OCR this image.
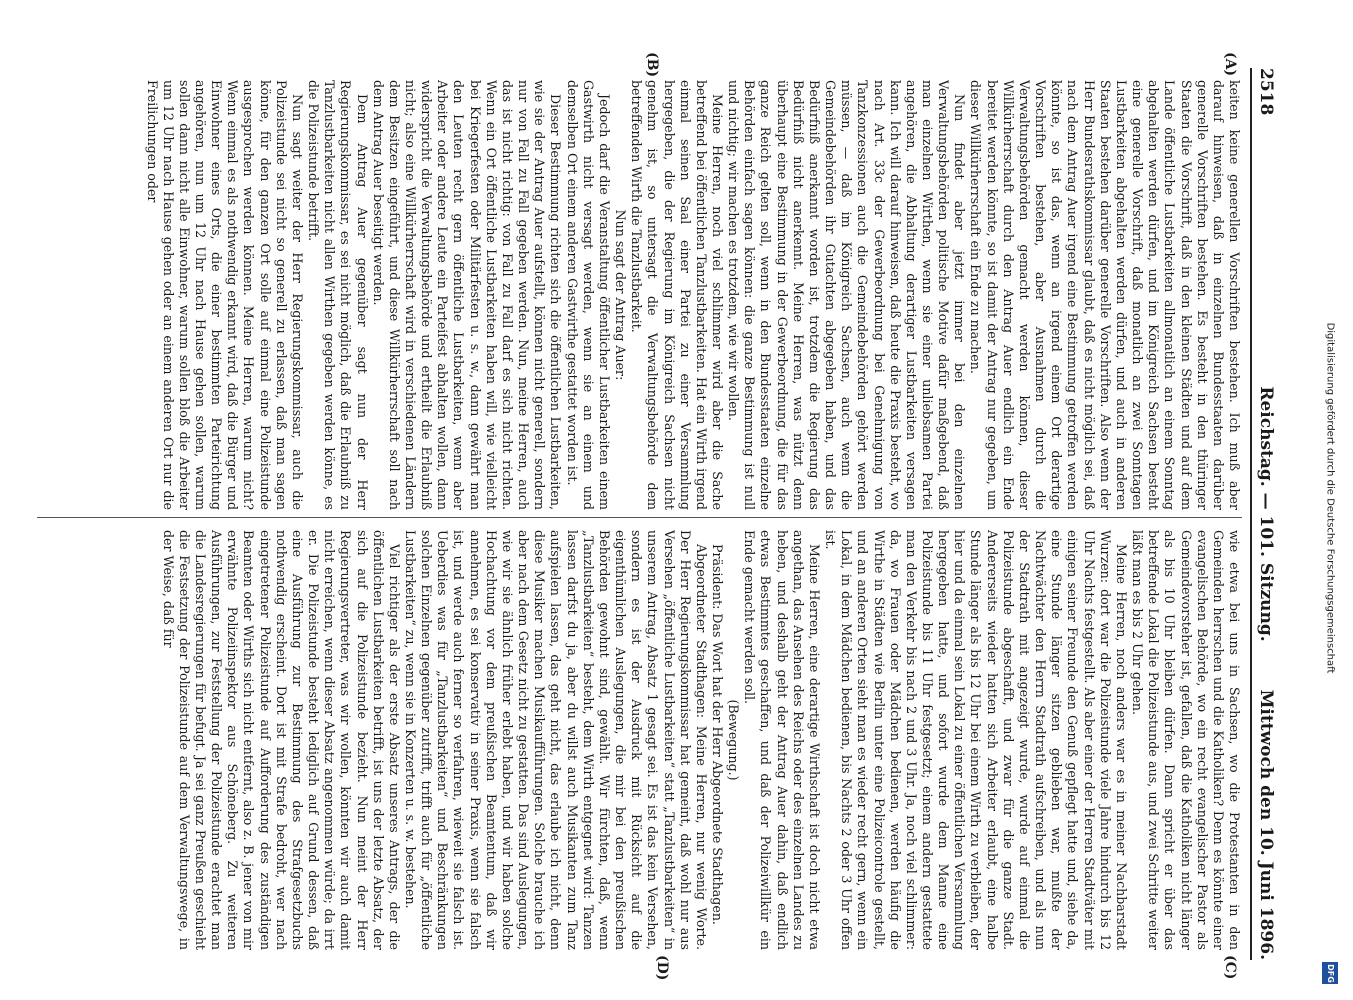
2518
Reichstag. — 101. Sitzung.
Mittwoch den 10. Juni 1896.
(A)
(B)
(C)
(D)

keiten keine generellen Vorschriften bestehen. Ich muß aber darauf hinweisen, daß in einzelnen Bundesstaaten darüber generelle Vorschriften bestehen. Es besteht in den thüringer Staaten die Vorschrift, daß in den kleinen Städten und auf dem Lande öffentliche Lustbarkeiten allmonatlich an einem Sonntag abgehalten werden dürfen, und im Königreich Sachsen besteht eine generelle Vorschrift, daß monatlich an zwei Sonntagen Lustbarkeiten abgehalten werden dürfen, und auch in anderen Staaten bestehen darüber generelle Vorschriften. Also wenn der Herr Bundesrathskommissar glaubt, daß es nicht möglich sei, daß nach dem Antrag Auer irgend eine Bestimmung getroffen werden könnte, so ist das, wenn an irgend einem Ort derartige Vorschriften bestehen, aber Ausnahmen durch die Verwaltungsbehörden gemacht werden können, dieser Willkürherrschaft durch den Antrag Auer endlich ein Ende bereitet werden könnte, so ist damit der Antrag nur gegeben, um dieser Willkürherrschaft ein Ende zu machen.

Nun findet aber jetzt immer bei den einzelnen Verwaltungsbehörden politische Motive dafür maßgebend, daß man einzelnen Wirthen, wenn sie einer unliebsamen Partei angehören, die Abhaltung derartiger Lustbarkeiten versagen kann. Ich will darauf hinweisen, daß heute die Praxis besteht, wo nach Art. 33c der Gewerbeordnung bei Genehmigung von Tanzkonzessionen auch die Gemeindebehörden gehört werden müssen, — daß im Königreich Sachsen, auch wenn die Gemeindebehörden ihr Gutachten abgegeben haben, und das Bedürfniß anerkannt worden ist, trotzdem die Regierung das Bedürfniß nicht anerkennt. Meine Herren, was nützt denn überhaupt eine Bestimmung in der Gewerbeordnung, die für das ganze Reich gelten soll, wenn in den Bundesstaaten einzelne Behörden einfach sagen können: die ganze Bestimmung ist null und nichtig; wir machen es trotzdem, wie wir wollen.

Meine Herren, noch viel schlimmer wird aber die Sache betreffend bei öffentlichen Tanzlustbarkeiten. Hat ein Wirth irgend einmal seinen Saal einer Partei zu einer Versammlung hergegeben, die der Regierung im Königreich Sachsen nicht genehm ist, so untersagt die Verwaltungsbehörde dem betreffenden Wirth die Tanzlustbarkeit.

Nun sagt der Antrag Auer:

Jedoch darf die Veranstaltung öffentlicher Lustbarkeiten einem Gastwirth nicht versagt werden, wenn sie an einem und demselben Ort einem anderen Gastwirthe gestattet worden ist.

Dieser Bestimmung richten sich die öffentlichen Lustbarkeiten, wie sie der Antrag Auer aufstellt, können nicht generell, sondern nur von Fall zu Fall gegeben werden. Nun, meine Herren, auch das ist nicht richtig: von Fall zu Fall darf es sich nicht richten. Wenn ein Ort öffentliche Lustbarkeiten haben will, wie vielleicht bei Kriegerfesten oder Militärfesten u. s. w., dann gewährt man den Leuten recht gern öffentliche Lustbarkeiten, wenn aber Arbeiter oder andere Leute ein Parteifest abhalten wollen, dann widerspricht die Verwaltungsbehörde und ertheilt die Erlaubniß nicht; also eine Willkürherrschaft wird in verschiedenen Ländern dem Besitzen eingeführt, und diese Willkürherrschaft soll nach dem Antrag Auer beseitigt werden.

Dem Antrag Auer gegenüber sagt nun der Herr Regierungskommissar, es sei nicht möglich, daß die Erlaubniß zu Tanzlustbarkeiten nicht allen Wirthen gegeben werden könne, es die Polizeistunde betrifft.

Nun sagt weiter der Herr Regierungskommissar, auch die Polizeistunde sei nicht so generell zu erlassen, daß man sagen könne, für den ganzen Ort solle auf einmal eine Polizeistunde ausgesprochen werden können. Meine Herren, warum nicht? Wenn einmal es als nothwendig erkannt wird, daß die Bürger und Einwohner eines Orts, die einer bestimmten Parteirichtung angehören, nun um 12 Uhr nach Hause gehen sollen, warum sollen dann nicht alle Einwohner, warum sollen bloß die Arbeiter um 12 Uhr nach Hause gehen oder an einem anderen Ort nur die Freilichungen oder

wie etwa bei uns in Sachsen, wo die Protestanten in den Gemeinden herrschen und die Katholiken? Denn es könnte einer evangelischen Behörde, wo ein recht evangelischer Pastor als Gemeindevorsteher ist, gefallen, daß die Katholiken nicht länger als bis 10 Uhr bleiben dürfen. Dann spricht er über das betreffende Lokal die Polizeistunde aus, und zwei Schritte weiter läßt man es bis 2 Uhr gehen.

Meine Herren, noch anders war es in meiner Nachbarstadt Wurzen: dort war die Polizeistunde viele Jahre hindurch bis 12 Uhr Nachts festgestellt. Als aber einer der Herren Stadtväter mit einigen seiner Freunde den Genuß gepflegt hatte und, siehe da, eine Stunde länger sitzen geblieben war, mußte der Nachtwächter den Herrn Stadtrath aufschreiben, und als nun der Stadtrath mit angezeigt wurde, wurde auf einmal die Polizeistunde abgeschafft, und zwar für die ganze Stadt. Andererseits wieder hatten sich Arbeiter erlaubt, eine halbe Stunde länger als bis 12 Uhr bei einem Wirth zu verbleiben, der hier und da einmal sein Lokal zu einer öffentlichen Versammlung hergegeben hatte, und sofort wurde dem Manne eine Polizeistunde bis 11 Uhr festgesetzt; einem andern gestattete man den Verkehr bis nach 2 und 3 Uhr. Ja, noch viel schlimmer: da, wo Frauen oder Mädchen bedienen, werden häufig die Wirthe in Städten wie Berlin unter eine Polizeicontrole gestellt, und an anderen Orten sieht man es wieder recht gern, wenn ein Lokal, in dem Mädchen bedienen, bis Nachts 2 oder 3 Uhr offen ist.

Meine Herren, eine derartige Wirthschaft ist doch nicht etwa angethan, das Ansehen des Reichs oder des einzelnen Landes zu heben, und deshalb geht der Antrag Auer dahin, daß endlich etwas Bestimmtes geschaffen, und daß der Polizeiwillkür ein Ende gemacht werden soll.

(Bewegung.)

Präsident: Das Wort hat der Herr Abgeordnete Stadthagen.

Abgeordneter Stadthagen: Meine Herren, nur wenig Worte. Der Herr Regierungskommissar hat gemeint, daß wohl nur aus Versehen „öffentliche Lustbarkeiten“ statt „Tanzlustbarkeiten“ in unserem Antrag, Absatz 1 gesagt sei. Es ist das kein Versehen, sondern es ist der Ausdruck mit Rücksicht auf die eigenthümlichen Auslegungen, die mir bei den preußischen Behörden gewohnt sind, gewählt. Wir fürchten, daß, wenn „Tanzlustbarkeiten“ besteht, dem Wirth entgegnet wird: Tanzen lassen darfst du ja, aber du willst auch Musikanten zum Tanz aufspielen lassen, das geht nicht, das erlaube ich nicht, denn diese Musiker machen Musikaufführungen. Solche brauche ich aber nach dem Gesetz nicht zu gestatten. Das sind Auslegungen, wie wir sie ähnlich früher erlebt haben, und wir haben solche Hochachtung vor dem preußischen Beamtentum, daß wir annehmen, es sei konservativ in seiner Praxis, wenn sie falsch ist, und werde auch ferner so verfahren, wieweit sie falsch ist. Ueberdies was für „Tanzlustbarkeiten“ und Beschränkungen solchen Einzelnen gegenüber zutrifft, trifft auch für „öffentliche Lustbarkeiten“ zu, wenn sie in Konzerten u. s. w. bestehen.

Viel richtiger als der erste Absatz unseres Antrags, der die öffentlichen Lustbarkeiten betrifft, ist uns der letzte Absatz, der sich auf die Polizeistunde bezieht. Nun meint der Herr Regierungsvertreter, was wir wollen, könnten wir auch damit nicht erreichen, wenn dieser Absatz angenommen würde; da irrt er. Die Polizeistunde besteht lediglich auf Grund dessen, daß eine Ausführung zur Bestimmung des Strafgesetzbuchs nothwendig erscheint. Dort ist mit Strafe bedroht, wer nach eingetretener Polizeistunde auf Aufforderung des zuständigen Beamten oder Wirths sich nicht entfernt, also z. B. jener von mir erwähnte Polizeiinspektor aus Schöneberg. Zu weiteren Ausführungen, zur Feststellung der Polizeistunde erachtet man die Landesregierungen für befugt. Ja sei ganz Preußen geschieht die Festsetzung der Polizeistunde auf dem Verwaltungswege, in der Weise, daß für	Digitalisierung gefördert durch die Deutsche Forschungsgemeinschaft
DFG
